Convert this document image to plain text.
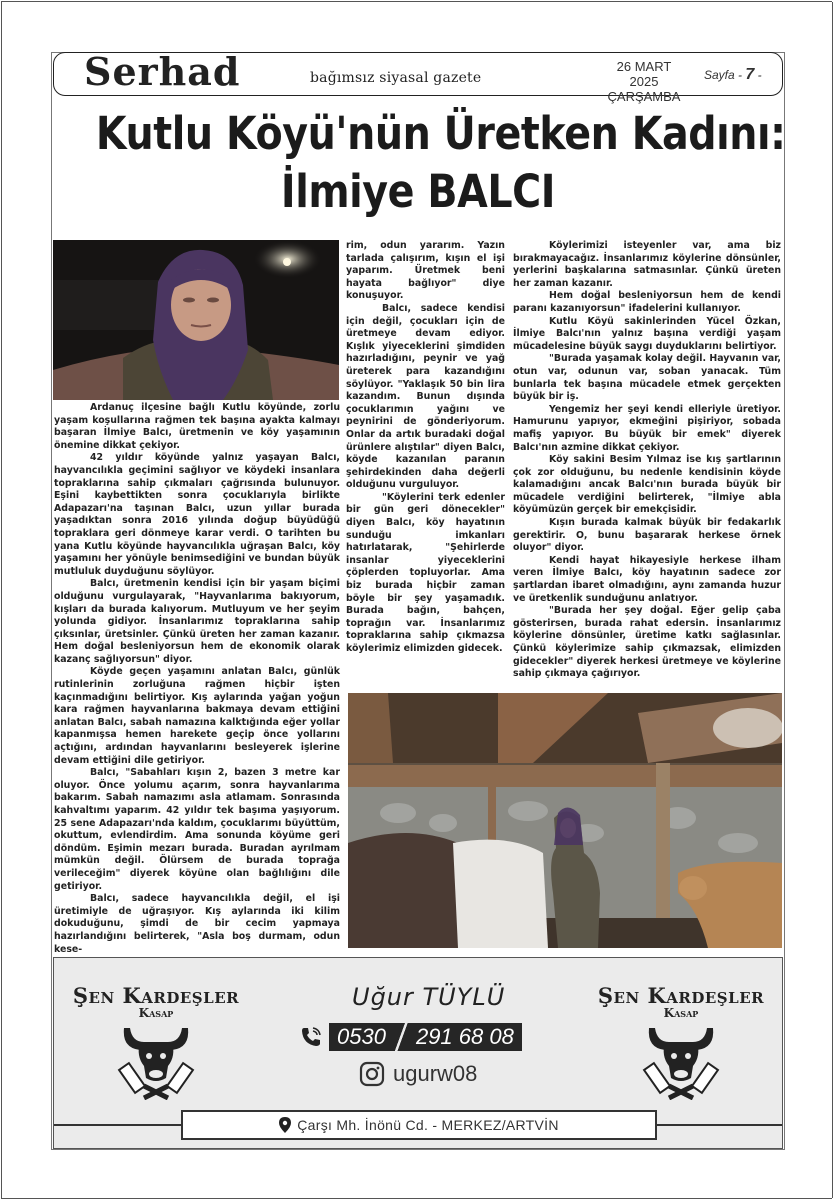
Serhad	bağımsız siyasal gazete
26 MART 2025
ÇARŞAMBA
Sayfa - 7 -
Kutlu Köyü'nün Üretken Kadını:
İlmiye BALCI

Ardanuç ilçesine bağlı Kutlu köyünde, zorlu yaşam koşullarına rağmen tek başına ayakta kalmayı başaran İlmiye Balcı, üretmenin ve köy yaşamının önemine dikkat çekiyor.

42 yıldır köyünde yalnız yaşayan Balcı, hayvancılıkla geçimini sağlıyor ve köydeki insanlara topraklarına sahip çıkmaları çağrısında bulunuyor. Eşini kaybettikten sonra çocuklarıyla birlikte Adapazarı'na taşınan Balcı, uzun yıllar burada yaşadıktan sonra 2016 yılında doğup büyüdüğü topraklara geri dönmeye karar verdi. O tarihten bu yana Kutlu köyünde hayvancılıkla uğraşan Balcı, köy yaşamını her yönüyle benimsediğini ve bundan büyük mutluluk duyduğunu söylüyor.

Balcı, üretmenin kendisi için bir yaşam biçimi olduğunu vurgulayarak, "Hayvanlarıma bakıyorum, kışları da burada kalıyorum. Mutluyum ve her şeyim yolunda gidiyor. İnsanlarımız topraklarına sahip çıksınlar, üretsinler. Çünkü üreten her zaman kazanır. Hem doğal besleniyorsun hem de ekonomik olarak kazanç sağlıyorsun" diyor.

Köyde geçen yaşamını anlatan Balcı, günlük rutinlerinin zorluğuna rağmen hiçbir işten kaçınmadığını belirtiyor. Kış aylarında yağan yoğun kara rağmen hayvanlarına bakmaya devam ettiğini anlatan Balcı, sabah namazına kalktığında eğer yollar kapanmışsa hemen harekete geçip önce yollarını açtığını, ardından hayvanlarını besleyerek işlerine devam ettiğini dile getiriyor.

Balcı, "Sabahları kışın 2, bazen 3 metre kar oluyor. Önce yolumu açarım, sonra hayvanlarıma bakarım. Sabah namazımı asla atlamam. Sonrasında kahvaltımı yaparım. 42 yıldır tek başıma yaşıyorum. 25 sene Adapazarı'nda kaldım, çocuklarımı büyüttüm, okuttum, evlendirdim. Ama sonunda köyüme geri döndüm. Eşimin mezarı burada. Buradan ayrılmam mümkün değil. Ölürsem de burada toprağa verileceğim" diyerek köyüne olan bağlılığını dile getiriyor.

Balcı, sadece hayvancılıkla değil, el işi üretimiyle de uğraşıyor. Kış aylarında iki kilim dokuduğunu, şimdi de bir cecim yapmaya hazırlandığını belirterek, "Asla boş durmam, odun kese-

rim, odun yararım. Yazın tarlada çalışırım, kışın el işi yaparım. Üretmek beni hayata bağlıyor" diye konuşuyor.

Balcı, sadece kendisi için değil, çocukları için de üretmeye devam ediyor. Kışlık yiyeceklerini şimdiden hazırladığını, peynir ve yağ üreterek para kazandığını söylüyor. "Yaklaşık 50 bin lira kazandım. Bunun dışında çocuklarımın yağını ve peynirini de gönderiyorum. Onlar da artık buradaki doğal ürünlere alıştılar" diyen Balcı, köyde kazanılan paranın şehirdekinden daha değerli olduğunu vurguluyor.

"Köylerini terk edenler bir gün geri dönecekler" diyen Balcı, köy hayatının sunduğu imkanları hatırlatarak, "Şehirlerde insanlar yiyeceklerini çöplerden topluyorlar. Ama biz burada hiçbir zaman böyle bir şey yaşamadık. Burada bağın, bahçen, toprağın var. İnsanlarımız topraklarına sahip çıkmazsa köylerimiz elimizden gidecek.

Köylerimizi isteyenler var, ama biz bırakmayacağız. İnsanlarımız köylerine dönsünler, yerlerini başkalarına satmasınlar. Çünkü üreten her zaman kazanır.

Hem doğal besleniyorsun hem de kendi paranı kazanıyorsun" ifadelerini kullanıyor.

Kutlu Köyü sakinlerinden Yücel Özkan, İlmiye Balcı'nın yalnız başına verdiği yaşam mücadelesine büyük saygı duyduklarını belirtiyor.

"Burada yaşamak kolay değil. Hayvanın var, otun var, odunun var, soban yanacak. Tüm bunlarla tek başına mücadele etmek gerçekten büyük bir iş.

Yengemiz her şeyi kendi elleriyle üretiyor. Hamurunu yapıyor, ekmeğini pişiriyor, sobada mafiş yapıyor. Bu büyük bir emek" diyerek Balcı'nın azmine dikkat çekiyor.

Köy sakini Besim Yılmaz ise kış şartlarının çok zor olduğunu, bu nedenle kendisinin köyde kalamadığını ancak Balcı'nın burada büyük bir mücadele verdiğini belirterek, "İlmiye abla köyümüzün gerçek bir emekçisidir.

Kışın burada kalmak büyük bir fedakarlık gerektirir. O, bunu başararak herkese örnek oluyor" diyor.

Kendi hayat hikayesiyle herkese ilham veren İlmiye Balcı, köy hayatının sadece zor şartlardan ibaret olmadığını, aynı zamanda huzur ve üretkenlik sunduğunu anlatıyor.

"Burada her şey doğal. Eğer gelip çaba gösterirsen, burada rahat edersin. İnsanlarımız köylerine dönsünler, üretime katkı sağlasınlar. Çünkü köylerimize sahip çıkmazsak, elimizden gidecekler" diyerek herkesi üretmeye ve köylerine sahip çıkmaya çağırıyor.

Şen Kardeşler
Kasap
Uğur TÜYLÜ
0530	291 68 08
ugurw08
Şen Kardeşler
Kasap
Çarşı Mh. İnönü Cd. - MERKEZ/ARTVİN
